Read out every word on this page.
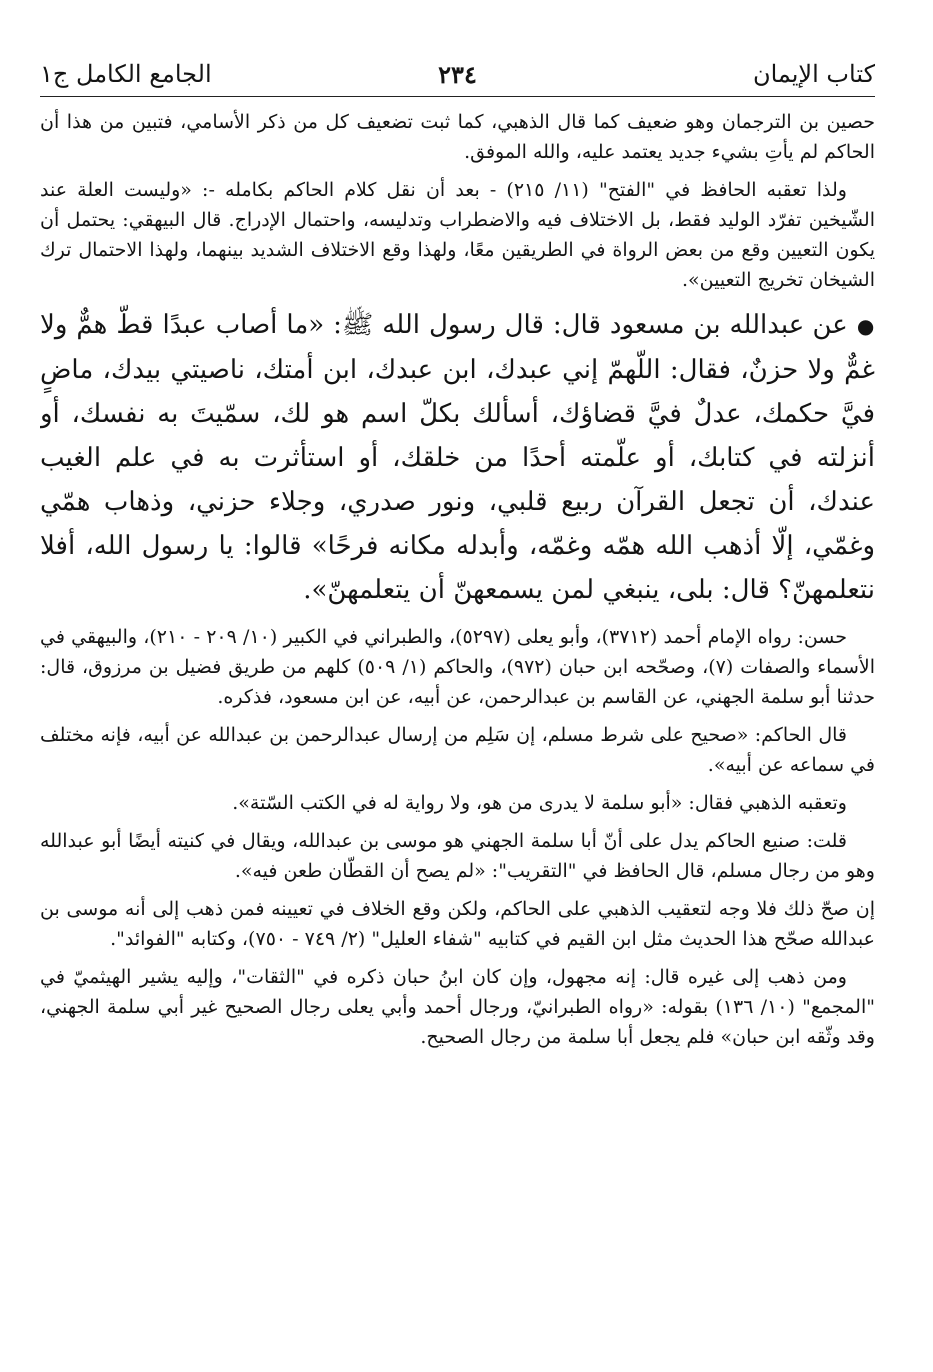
كتاب الإيمان
٢٣٤
الجامع الكامل ج١

حصين بن الترجمان وهو ضعيف كما قال الذهبي، كما ثبت تضعيف كل من ذكر الأسامي، فتبين من هذا أن الحاكم لم يأتِ بشيء جديد يعتمد عليه، والله الموفق.

ولذا تعقبه الحافظ في "الفتح" (١١/ ٢١٥) - بعد أن نقل كلام الحاكم بكامله -: «وليست العلة عند الشّيخين تفرّد الوليد فقط، بل الاختلاف فيه والاضطراب وتدليسه، واحتمال الإدراج. قال البيهقي: يحتمل أن يكون التعيين وقع من بعض الرواة في الطريقين معًا، ولهذا وقع الاختلاف الشديد بينهما، ولهذا الاحتمال ترك الشيخان تخريج التعيين».

● عن عبدالله بن مسعود قال: قال رسول الله ﷺ: «ما أصاب عبدًا قطّ همٌّ ولا غمٌّ ولا حزنٌ، فقال: اللّهمّ إني عبدك، ابن عبدك، ابن أمتك، ناصيتي بيدك، ماضٍ فيَّ حكمك، عدلٌ فيَّ قضاؤك، أسألك بكلّ اسم هو لك، سمّيتَ به نفسك، أو أنزلته في كتابك، أو علّمته أحدًا من خلقك، أو استأثرت به في علم الغيب عندك، أن تجعل القرآن ربيع قلبي، ونور صدري، وجلاء حزني، وذهاب همّي وغمّي، إلّا أذهب الله همّه وغمّه، وأبدله مكانه فرحًا» قالوا: يا رسول الله، أفلا نتعلمهنّ؟ قال: بلى، ينبغي لمن يسمعهنّ أن يتعلمهنّ».

حسن: رواه الإمام أحمد (٣٧١٢)، وأبو يعلى (٥٢٩٧)، والطبراني في الكبير (١٠/ ٢٠٩ - ٢١٠)، والبيهقي في الأسماء والصفات (٧)، وصحّحه ابن حبان (٩٧٢)، والحاكم (١/ ٥٠٩) كلهم من طريق فضيل بن مرزوق، قال: حدثنا أبو سلمة الجهني، عن القاسم بن عبدالرحمن، عن أبيه، عن ابن مسعود، فذكره.

قال الحاكم: «صحيح على شرط مسلم، إن سَلِم من إرسال عبدالرحمن بن عبدالله عن أبيه، فإنه مختلف في سماعه عن أبيه».

وتعقبه الذهبي فقال: «أبو سلمة لا يدرى من هو، ولا رواية له في الكتب السّتة».

قلت: صنيع الحاكم يدل على أنّ أبا سلمة الجهني هو موسى بن عبدالله، ويقال في كنيته أيضًا أبو عبدالله وهو من رجال مسلم، قال الحافظ في "التقريب": «لم يصح أن القطّان طعن فيه».

إن صحّ ذلك فلا وجه لتعقيب الذهبي على الحاكم، ولكن وقع الخلاف في تعيينه فمن ذهب إلى أنه موسى بن عبدالله صحّح هذا الحديث مثل ابن القيم في كتابيه "شفاء العليل" (٢/ ٧٤٩ - ٧٥٠)، وكتابه "الفوائد".

ومن ذهب إلى غيره قال: إنه مجهول، وإن كان ابنُ حبان ذكره في "الثقات"، وإليه يشير الهيثميّ في "المجمع" (١٠/ ١٣٦) بقوله: «رواه الطبرانيّ، ورجال أحمد وأبي يعلى رجال الصحيح غير أبي سلمة الجهني، وقد وثّقه ابن حبان» فلم يجعل أبا سلمة من رجال الصحيح.
